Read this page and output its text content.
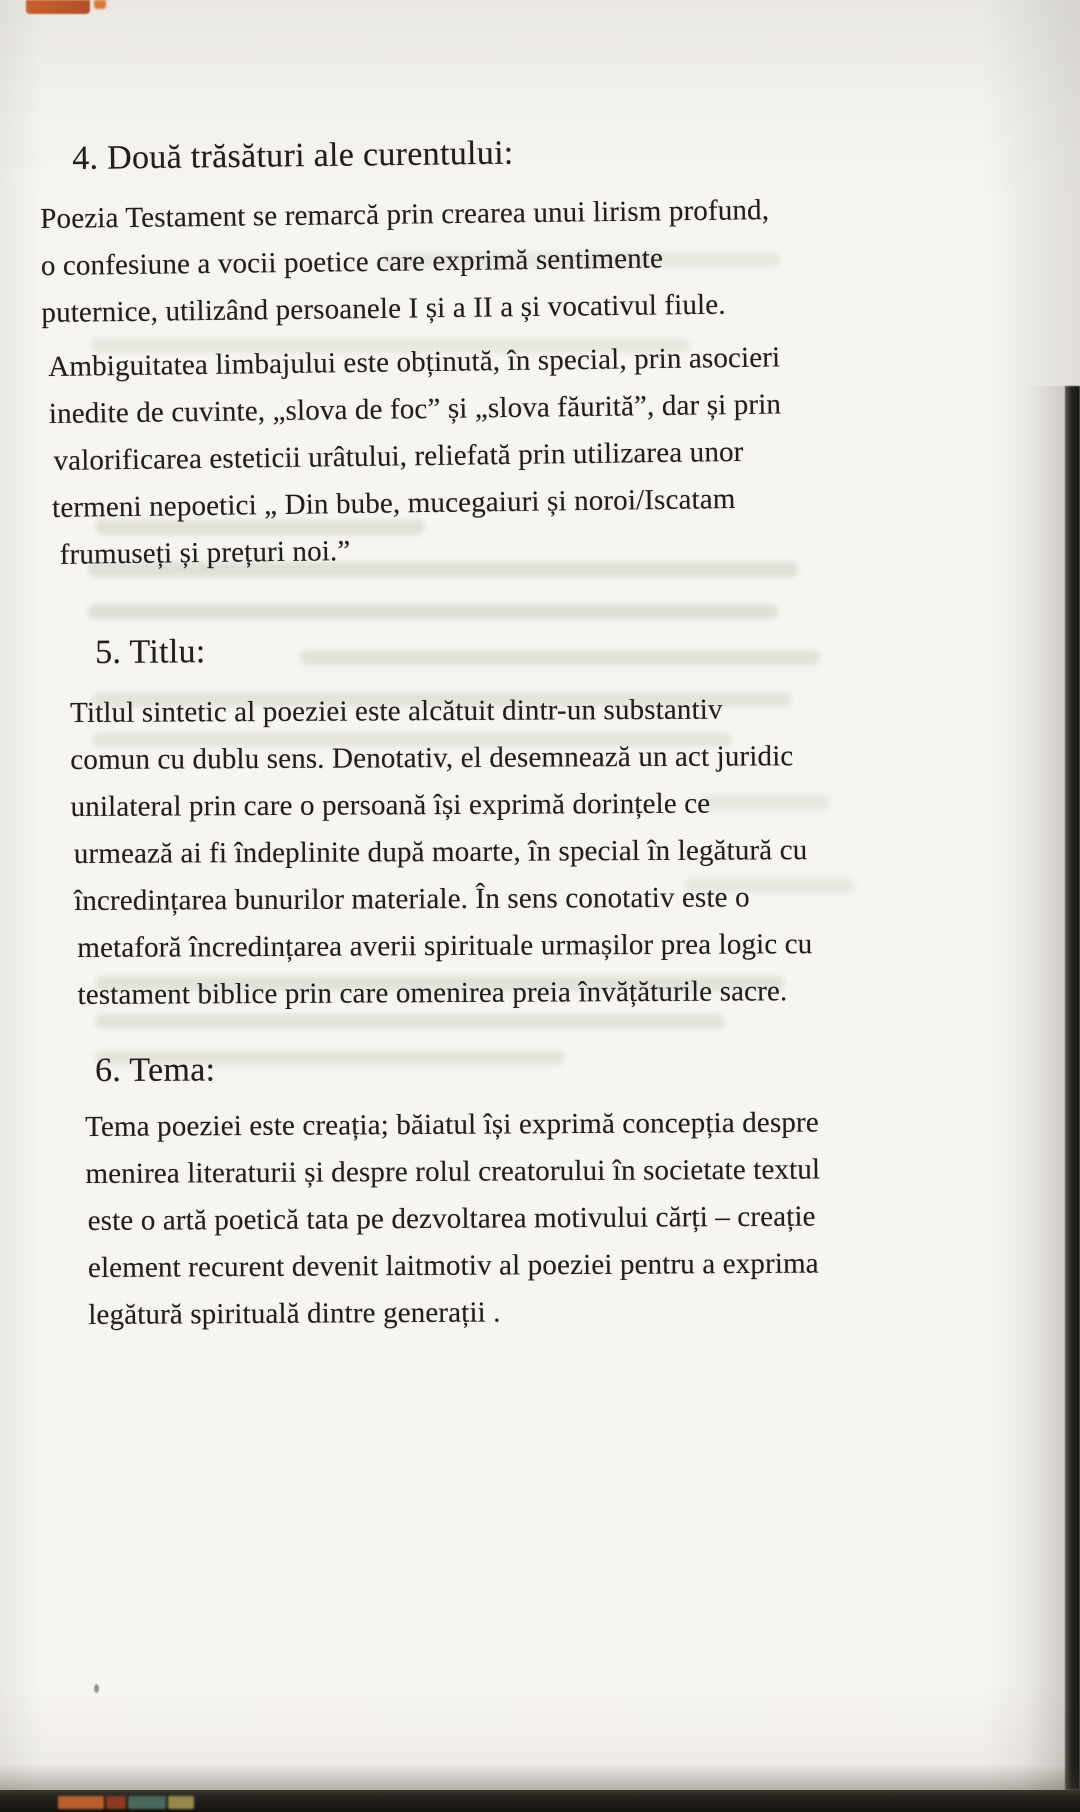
4. Două trăsături ale curentului:
Poezia Testament se remarcă prin crearea unui lirism profund,
o confesiune a vocii poetice care exprimă sentimente
puternice, utilizând persoanele I și a II a și vocativul fiule.
Ambiguitatea limbajului este obținută, în special, prin asocieri
inedite de cuvinte, „slova de foc” și „slova făurită”, dar și prin
valorificarea esteticii urâtului, reliefată prin utilizarea unor
termeni nepoetici „ Din bube, mucegaiuri și noroi/Iscatam
frumuseți și prețuri noi.”
5. Titlu:
Titlul sintetic al poeziei este alcătuit dintr-un substantiv
comun cu dublu sens. Denotativ, el desemnează un act juridic
unilateral prin care o persoană își exprimă dorințele ce
urmează ai fi îndeplinite după moarte, în special în legătură cu
încredințarea bunurilor materiale. În sens conotativ este o
metaforă încredințarea averii spirituale urmașilor prea logic cu
testament biblice prin care omenirea preia învățăturile sacre.
6. Tema:
Tema poeziei este creația; băiatul își exprimă concepția despre
menirea literaturii și despre rolul creatorului în societate textul
este o artă poetică tata pe dezvoltarea motivului cărți – creație
element recurent devenit laitmotiv al poeziei pentru a exprima
legătură spirituală dintre generații .
